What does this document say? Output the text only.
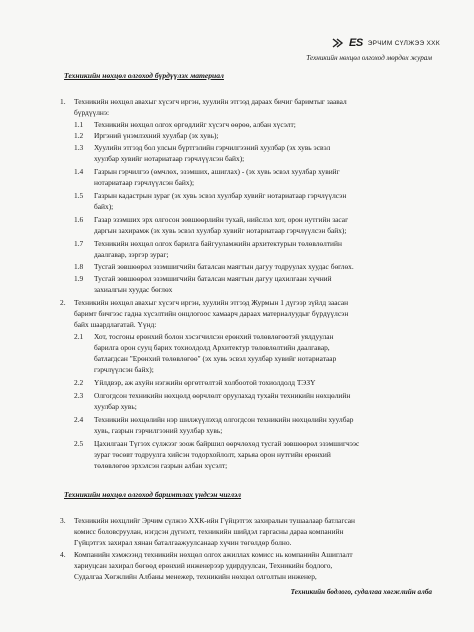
ES ЭРЧИМ СҮЛЖЭЭ ХХК
Техникийн нөхцөл олгоход мөрдөх журам
Техникийн нөхцөл олгоход бүрдүүлэх материал
1. Техникийн нөхцөл авахыг хүсэгч иргэн, хуулийн этгээд дараах бичиг баримтыг заавал
бүрдүүлнэ:
1.1 Техникийн нөхцөл олгох өргөдлийг хүсэгч өөрөө, албан хүсэлт;
1.2 Иргэний үнэмлэхний хуулбар (эх хувь);
1.3 Хуулийн этгээд бол улсын бүртгэлийн гэрчилгээний хуулбар (эх хувь эсвэл
хуулбар хувийг нотариатаар гэрчлүүлсэн байх);
1.4 Газрын гэрчилгээ (өмчлөх, эзэмших, ашиглах) - (эх хувь эсвэл хуулбар хувийг
нотариатаар гэрчлүүлсэн байх);
1.5 Газрын кадастрын зураг (эх хувь эсвэл хуулбар хувийг нотариатаар гэрчлүүлсэн
байх);
1.6 Газар эзэмших эрх олгосон зөвшөөрлийн тухай, нийслэл хот, орон нутгийн засаг
даргын захирамж (эх хувь эсвэл хуулбар хувийг нотариатаар гэрчлүүлсэн байх);
1.7 Техникийн нөхцөл олгох барилга байгууламжийн архитектурын төлөвлөлтийн
даалгавар, зэргэр зураг;
1.8 Тусгай зөвшөөрөл эзэмшигчийн баталсан маягтын дагуу тодруулах хуудас бөглөх.
1.9 Тусгай зөвшөөрөл эзэмшигчийн баталсан маягтын дагуу цахилгаан хүчний
захиалгын хуудас бөглөх
2. Техникийн нөхцөл авахыг хүсэгч иргэн, хуулийн этгээд Журмын 1 дүгээр зүйлд заасан
баримт бичгээс гадна хүсэлтийн онцлогоос хамаарч дараах материалуудыг бүрдүүлсэн
байх шаардлагатай. Үүнд:
2.1 Хот, тосгоны ерөнхий болон хэсэгчилсэн ерөнхий төлөвлөгөөтэй уялдуулан
барилга орон сууц барих тохиолдолд Архитектур төлөвлөлтийн даалгавар,
батлагдсан "Ерөнхий төлөвлөгөө" (эх хувь эсвэл хуулбар хувийг нотариатаар
гэрчлүүлсэн байх);
2.2 Үйлдвэр, аж ахуйн нэгжийн өргөтгөлтэй холбоотой тохиолдолд ТЭЗҮ
2.3 Олгогдсон техникийн нөхцөлд өөрчлөлт оруулахад тухайн техникийн нөхцөлийн
хуулбар хувь;
2.4 Техникийн нөхцөлийн нэр шилжүүлэхэд олгогдсон техникийн нөхцөлийн хуулбар
хувь, газрын гэрчилгээний хуулбар хувь;
2.5 Цахилгаан Түгээх сүлжээг зоож байршил өөрчлөхөд тусгай зөвшөөрөл эзэмшигчээс
зураг төсөвт тодруулга хийсэн тодорхойлолт, харьяа орон нутгийн ерөнхий
төлөвлөгөө эрхэлсэн газрын албан хүсэлт;
Техникийн нөхцөл олгоход баримтлах үндсэн чиглэл
3. Техникийн нөхцлийг Эрчим сүлжээ ХХК-ийн Гүйцэтгэх захиралын тушаалаар батлагсан
комисс боловсруулан, нэгдсэн дүгнэлт, техникийн шийдэл гаргасны дараа компанийн
Гүйцэтгэх захирал хянан баталгаажуулсанаар хүчин төгөлдөр болно.
4. Компанийн хэмжээнд техникийн нөхцөл олгох ажиллах комисс нь компанийн Ашиглалт
хариуцсан захирал бөгөөд ерөнхий инженерээр удирдуулсан, Техникийн бодлого,
Судалгаа Хөгжлийн Албаны менежер, техникийн нөхцөл олголтын инженер,
Техникийн бодлого, судалгаа хөгжлийн алба
